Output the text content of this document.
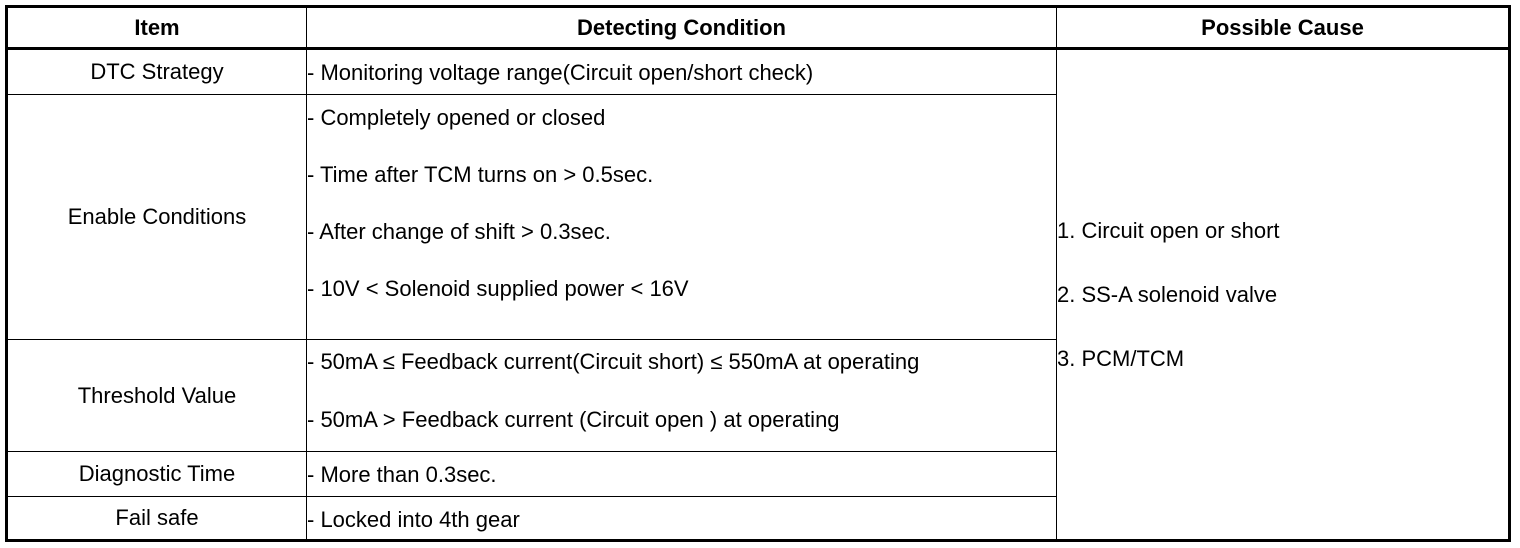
Item	Detecting Condition	Possible Cause
DTC Strategy	- Monitoring voltage range(Circuit open/short check)	1. Circuit open or short
2. SS-A solenoid valve
3. PCM/TCM

Enable Conditions	- Completely opened or closed
- Time after TCM turns on > 0.5sec.
- After change of shift > 0.3sec.
- 10V < Solenoid supplied power < 16V	

Threshold Value	- 50mA ≤ Feedback current(Circuit short) ≤ 550mA at operating
- 50mA > Feedback current (Circuit open ) at operating	

Diagnostic Time	- More than 0.3sec.	

Fail safe	- Locked into 4th gear	
